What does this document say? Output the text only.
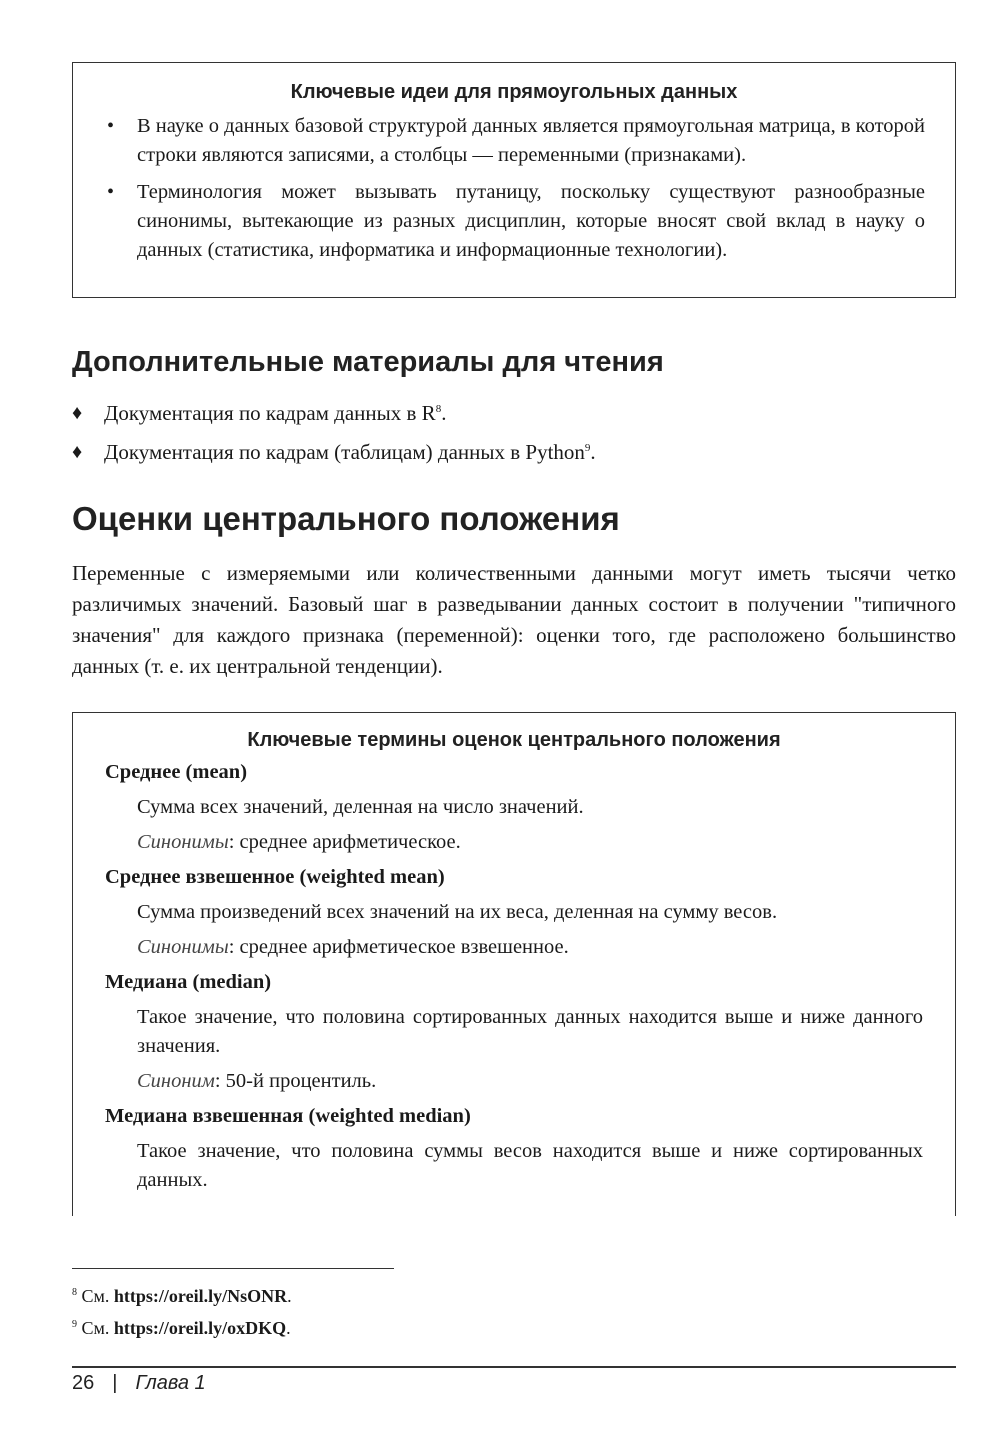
Ключевые идеи для прямоугольных данных
• В науке о данных базовой структурой данных является прямоугольная матрица, в которой строки являются записями, а столбцы — переменными (признаками).
• Терминология может вызывать путаницу, поскольку существуют разнообразные синонимы, вытекающие из разных дисциплин, которые вносят свой вклад в науку о данных (статистика, информатика и информационные технологии).
Дополнительные материалы для чтения
♦ Документация по кадрам данных в $R^8$.
♦ Документация по кадрам (таблицам) данных в Python$^9$.
Оценки центрального положения

Переменные с измеряемыми или количественными данными могут иметь тысячи четко различимых значений. Базовый шаг в разведывании данных состоит в получении "типичного значения" для каждого признака (переменной): оценки того, где расположено большинство данных (т. е. их центральной тенденции).

Ключевые термины оценок центрального положения
Среднее (mean)
Сумма всех значений, деленная на число значений.
Синонимы: среднее арифметическое.
Среднее взвешенное (weighted mean)
Сумма произведений всех значений на их веса, деленная на сумму весов.
Синонимы: среднее арифметическое взвешенное.
Медиана (median)
Такое значение, что половина сортированных данных находится выше и ниже данного значения.
Синоним: 50-й процентиль.
Медиана взвешенная (weighted median)
Такое значение, что половина суммы весов находится выше и ниже сортированных данных.
$^8$ См. https://oreil.ly/NsONR.
$^9$ См. https://oreil.ly/oxDKQ.
26 | Глава 1
